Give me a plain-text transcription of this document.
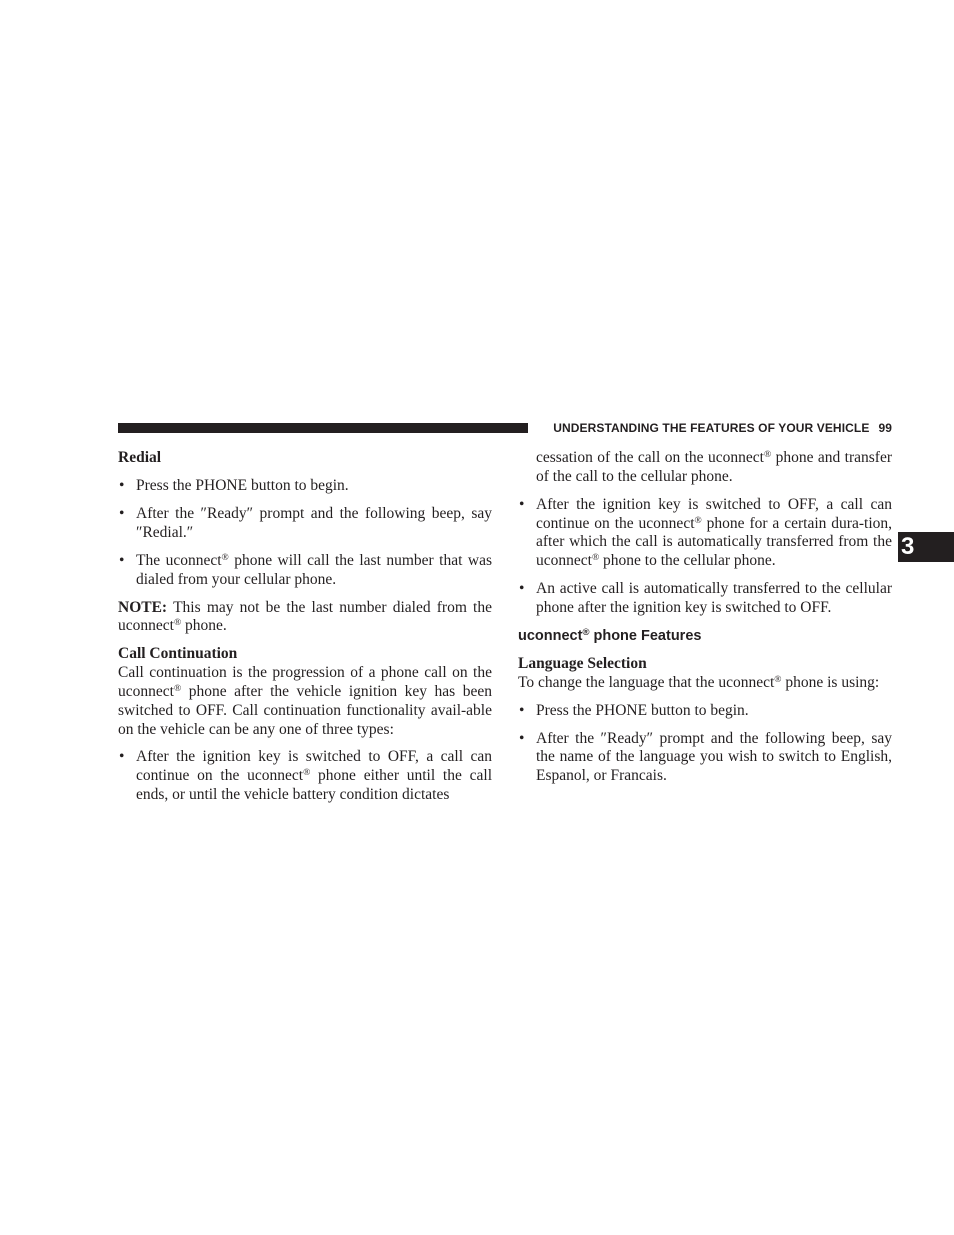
UNDERSTANDING THE FEATURES OF YOUR VEHICLE 99
3
Redial
• Press the PHONE button to begin.
• After the ″Ready″ prompt and the following beep, say ″Redial.″
• The uconnect® phone will call the last number that was dialed from your cellular phone.

NOTE: This may not be the last number dialed from the uconnect® phone.

Call Continuation

Call continuation is the progression of a phone call on the uconnect® phone after the vehicle ignition key has been switched to OFF. Call continuation functionality avail-able on the vehicle can be any one of three types:

• After the ignition key is switched to OFF, a call can continue on the uconnect® phone either until the call ends, or until the vehicle battery condition dictates
cessation of the call on the uconnect® phone and transfer of the call to the cellular phone.
• After the ignition key is switched to OFF, a call can continue on the uconnect® phone for a certain dura-tion, after which the call is automatically transferred from the uconnect® phone to the cellular phone.
• An active call is automatically transferred to the cellular phone after the ignition key is switched to OFF.
uconnect® phone Features
Language Selection

To change the language that the uconnect® phone is using:

• Press the PHONE button to begin.
• After the ″Ready″ prompt and the following beep, say the name of the language you wish to switch to English, Espanol, or Francais.
